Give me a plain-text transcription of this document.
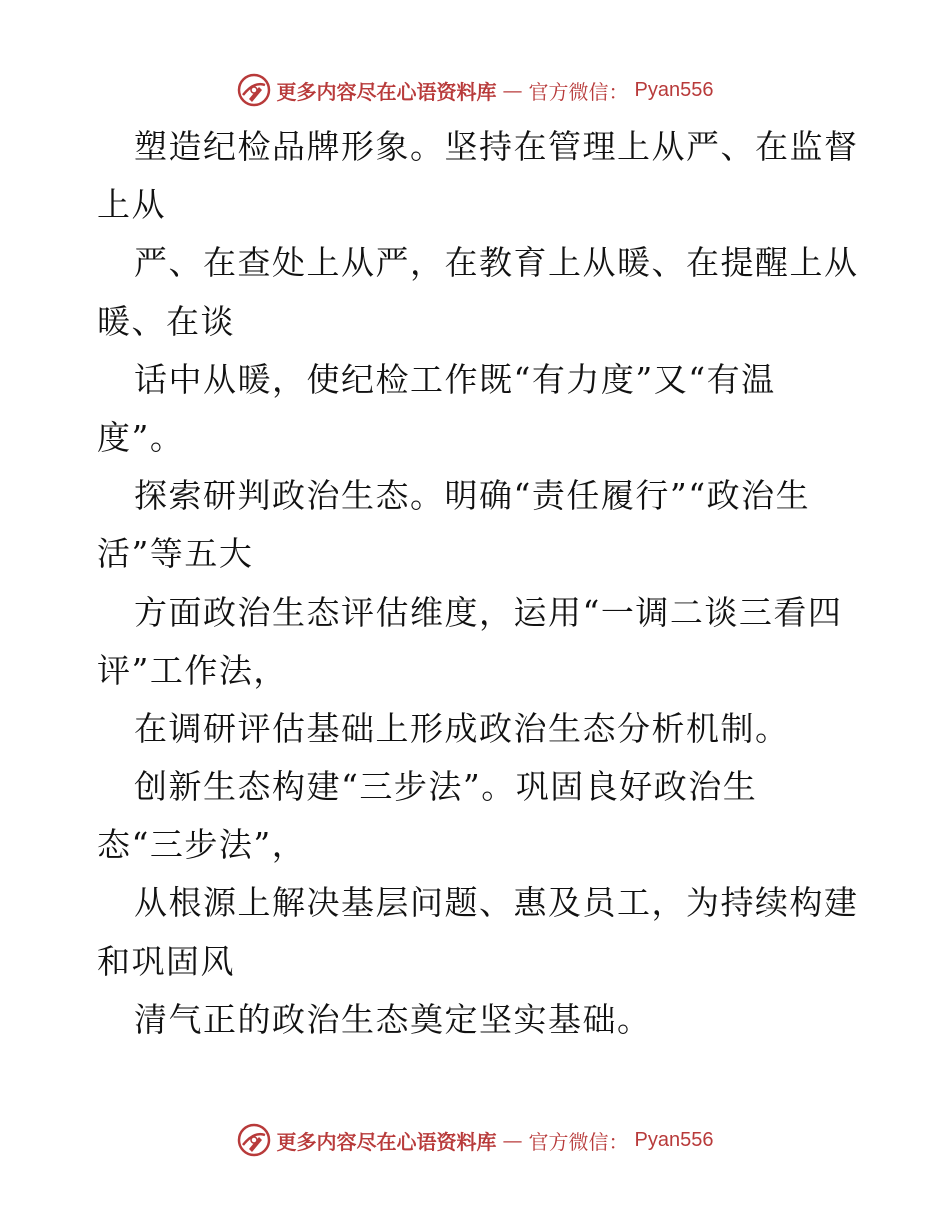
更多内容尽在心语资料库 — 官方微信： Pyan556
塑造纪检品牌形象。坚持在管理上从严、在监督
上从
严、在查处上从严，在教育上从暖、在提醒上从
暖、在谈
话中从暖，使纪检工作既“有力度”又“有温
度”。
探索研判政治生态。明确“责任履行”“政治生
活”等五大
方面政治生态评估维度，运用“一调二谈三看四
评”工作法，
在调研评估基础上形成政治生态分析机制。
创新生态构建“三步法”。巩固良好政治生
态“三步法”，
从根源上解决基层问题、惠及员工，为持续构建
和巩固风
清气正的政治生态奠定坚实基础。
更多内容尽在心语资料库 — 官方微信： Pyan556
